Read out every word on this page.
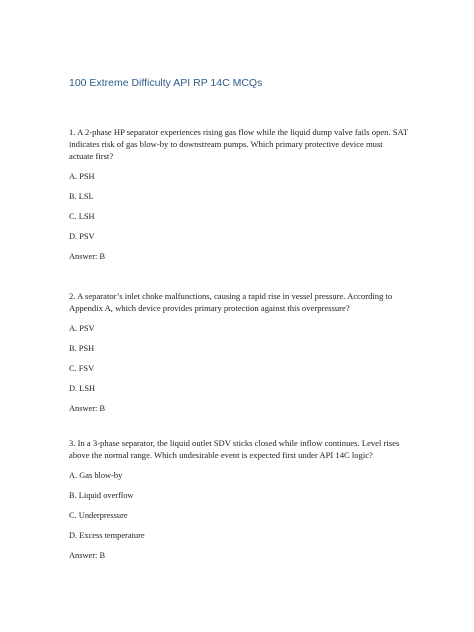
100 Extreme Difficulty API RP 14C MCQs

1. A 2-phase HP separator experiences rising gas flow while the liquid dump valve fails open. SAT indicates risk of gas blow-by to downstream pumps. Which primary protective device must actuate first?

A. PSH

B. LSL

C. LSH

D. PSV

Answer: B

2. A separator’s inlet choke malfunctions, causing a rapid rise in vessel pressure. According to Appendix A, which device provides primary protection against this overpressure?

A. PSV

B. PSH

C. FSV

D. LSH

Answer: B

3. In a 3-phase separator, the liquid outlet SDV sticks closed while inflow continues. Level rises above the normal range. Which undesirable event is expected first under API 14C logic?

A. Gas blow-by

B. Liquid overflow

C. Underpressure

D. Excess temperature

Answer: B
